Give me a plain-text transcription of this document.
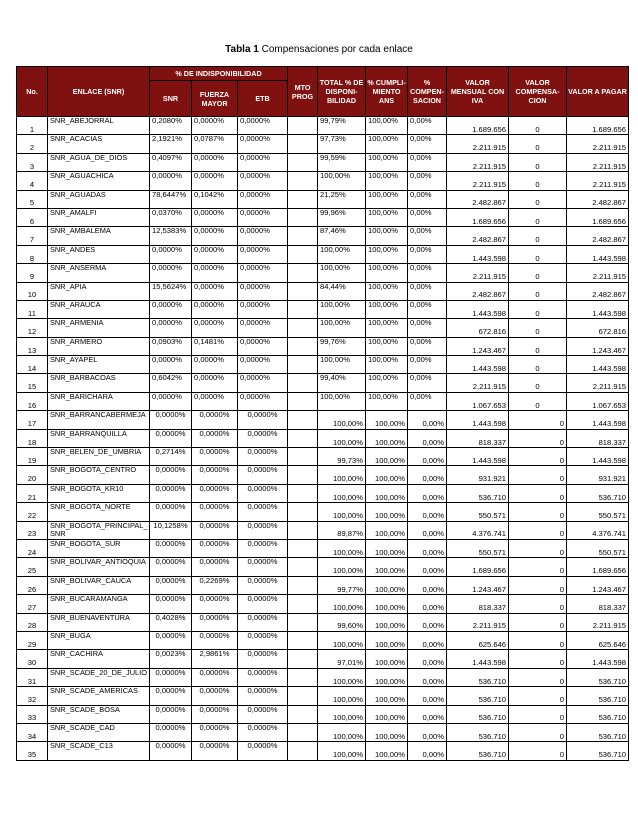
Tabla 1 Compensaciones por cada enlace
No.	ENLACE (SNR)	% DE INDISPONIBILIDAD			MTO PROG	TOTAL % DE DISPONI-BILIDAD	% CUMPLI-MIENTO ANS	% COMPEN-SACION	VALOR MENSUAL CON IVA	VALOR COMPENSA-CION	VALOR A PAGAR
		SNR	FUERZA MAYOR	ETB							
1	SNR_ABEJORRAL	0,2080%	0,0000%	0,0000%		99,79%	100,00%	0,00%	1.689.656	0	1.689.656
2	SNR_ACACIAS	2,1921%	0,0787%	0,0000%		97,73%	100,00%	0,00%	2.211.915	0	2.211.915
3	SNR_AGUA_DE_DIOS	0,4097%	0,0000%	0,0000%		99,59%	100,00%	0,00%	2.211.915	0	2.211.915
4	SNR_AGUACHICA	0,0000%	0,0000%	0,0000%		100,00%	100,00%	0,00%	2.211.915	0	2.211.915
5	SNR_AGUADAS	78,6447%	0,1042%	0,0000%		21,25%	100,00%	0,00%	2.482.867	0	2.482.867
6	SNR_AMALFI	0,0370%	0,0000%	0,0000%		99,96%	100,00%	0,00%	1.689.656	0	1.689.656
7	SNR_AMBALEMA	12,5383%	0,0000%	0,0000%		87,46%	100,00%	0,00%	2.482.867	0	2.482.867
8	SNR_ANDES	0,0000%	0,0000%	0,0000%		100,00%	100,00%	0,00%	1.443.598	0	1.443.598
9	SNR_ANSERMA	0,0000%	0,0000%	0,0000%		100,00%	100,00%	0,00%	2.211.915	0	2.211.915
10	SNR_APIA	15,5624%	0,0000%	0,0000%		84,44%	100,00%	0,00%	2.482.867	0	2.482.867
11	SNR_ARAUCA	0,0000%	0,0000%	0,0000%		100,00%	100,00%	0,00%	1.443.598	0	1.443.598
12	SNR_ARMENIA	0,0000%	0,0000%	0,0000%		100,00%	100,00%	0,00%	672.816	0	672.816
13	SNR_ARMERO	0,0903%	0,1481%	0,0000%		99,76%	100,00%	0,00%	1.243.467	0	1.243.467
14	SNR_AYAPEL	0,0000%	0,0000%	0,0000%		100,00%	100,00%	0,00%	1.443.598	0	1.443.598
15	SNR_BARBACOAS	0,6042%	0,0000%	0,0000%		99,40%	100,00%	0,00%	2.211.915	0	2.211.915
16	SNR_BARICHARA	0,0000%	0,0000%	0,0000%		100,00%	100,00%	0,00%	1.067.653	0	1.067.653
17	SNR_BARRANCABERMEJA	0,0000%	0,0000%	0,0000%		100,00%	100,00%	0,00%	1.443.598	0	1.443.598
18	SNR_BARRANQUILLA	0,0000%	0,0000%	0,0000%		100,00%	100,00%	0,00%	818.337	0	818.337
19	SNR_BELEN_DE_UMBRIA	0,2714%	0,0000%	0,0000%		99,73%	100,00%	0,00%	1.443.598	0	1.443.598
20	SNR_BOGOTA_CENTRO	0,0000%	0,0000%	0,0000%		100,00%	100,00%	0,00%	931.921	0	931.921
21	SNR_BOGOTA_KR10	0,0000%	0,0000%	0,0000%		100,00%	100,00%	0,00%	536.710	0	536.710
22	SNR_BOGOTA_NORTE	0,0000%	0,0000%	0,0000%		100,00%	100,00%	0,00%	550.571	0	550.571
23	SNR_BOGOTA_PRINCIPAL_ SNR	10,1258%	0,0000%	0,0000%		89,87%	100,00%	0,00%	4.376.741	0	4.376.741
24	SNR_BOGOTA_SUR	0,0000%	0,0000%	0,0000%		100,00%	100,00%	0,00%	550.571	0	550.571
25	SNR_BOLIVAR_ANTIOQUIA	0,0000%	0,0000%	0,0000%		100,00%	100,00%	0,00%	1.689.656	0	1.689.656
26	SNR_BOLIVAR_CAUCA	0,0000%	0,2269%	0,0000%		99,77%	100,00%	0,00%	1.243.467	0	1.243.467
27	SNR_BUCARAMANGA	0,0000%	0,0000%	0,0000%		100,00%	100,00%	0,00%	818.337	0	818.337
28	SNR_BUENAVENTURA	0,4028%	0,0000%	0,0000%		99,60%	100,00%	0,00%	2.211.915	0	2.211.915
29	SNR_BUGA	0,0000%	0,0000%	0,0000%		100,00%	100,00%	0,00%	625.646	0	625.646
30	SNR_CACHIRA	0,0023%	2,9861%	0,0000%		97,01%	100,00%	0,00%	1.443.598	0	1.443.598
31	SNR_SCADE_20_DE_JULIO	0,0000%	0,0000%	0,0000%		100,00%	100,00%	0,00%	536.710	0	536.710
32	SNR_SCADE_AMERICAS	0,0000%	0,0000%	0,0000%		100,00%	100,00%	0,00%	536.710	0	536.710
33	SNR_SCADE_BOSA	0,0000%	0,0000%	0,0000%		100,00%	100,00%	0,00%	536.710	0	536.710
34	SNR_SCADE_CAD	0,0000%	0,0000%	0,0000%		100,00%	100,00%	0,00%	536.710	0	536.710
35	SNR_SCADE_C13	0,0000%	0,0000%	0,0000%		100,00%	100,00%	0,00%	536.710	0	536.710
